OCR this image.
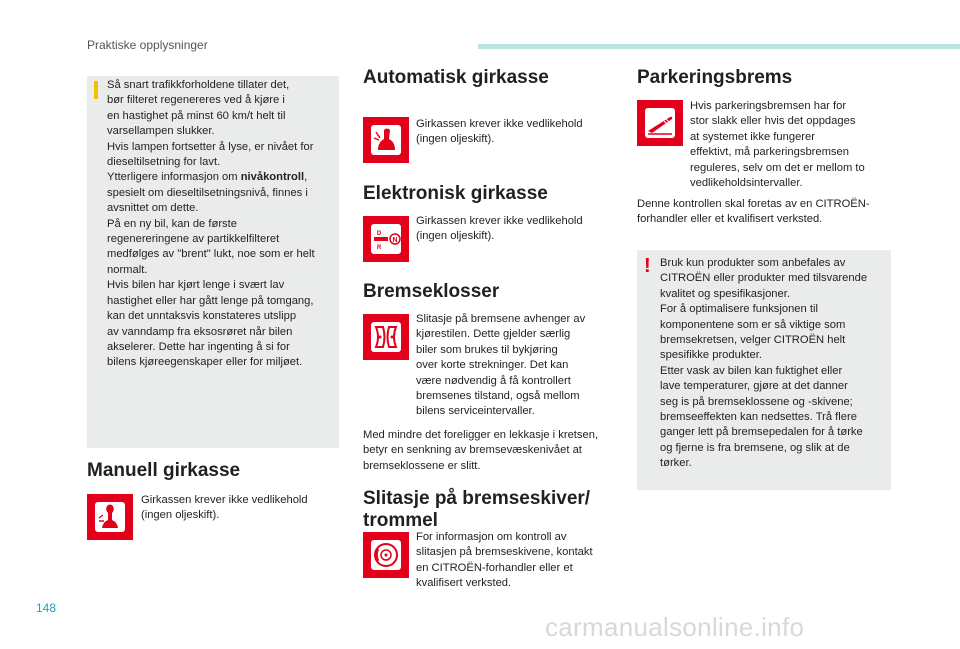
Praktiske opplysninger
Så snart trafikkforholdene tillater det,
bør filteret regenereres ved å kjøre i
en hastighet på minst 60 km/t helt til
varsellampen slukker.
Hvis lampen fortsetter å lyse, er nivået for
dieseltilsetning for lavt.
Ytterligere informasjon om nivåkontroll,
spesielt om dieseltilsetningsnivå, finnes i
avsnittet om dette.
På en ny bil, kan de første
regenereringene av partikkelfilteret
medfølges av "brent" lukt, noe som er helt
normalt.
Hvis bilen har kjørt lenge i svært lav
hastighet eller har gått lenge på tomgang,
kan det unntaksvis konstateres utslipp
av vanndamp fra eksosrøret når bilen
akselerer. Dette har ingenting å si for
bilens kjøreegenskaper eller for miljøet.
Manuell girkasse
Girkassen krever ikke vedlikehold
(ingen oljeskift).
Automatisk girkasse
Girkassen krever ikke vedlikehold
(ingen oljeskift).
Elektronisk girkasse
N
D
R
Girkassen krever ikke vedlikehold
(ingen oljeskift).
Bremseklosser
Slitasje på bremsene avhenger av
kjørestilen. Dette gjelder særlig
biler som brukes til bykjøring
over korte strekninger. Det kan
være nødvendig å få kontrollert
bremsenes tilstand, også mellom
bilens serviceintervaller.
Med mindre det foreligger en lekkasje i kretsen,
betyr en senkning av bremsevæskenivået at
bremseklossene er slitt.
Slitasje på bremseskiver/
trommel
For informasjon om kontroll av
slitasjen på bremseskivene, kontakt
en CITROËN-forhandler eller et
kvalifisert verksted.
Parkeringsbrems
Hvis parkeringsbremsen har for
stor slakk eller hvis det oppdages
at systemet ikke fungerer
effektivt, må parkeringsbremsen
reguleres, selv om det er mellom to
vedlikeholdsintervaller.
Denne kontrollen skal foretas av en CITROËN-
forhandler eller et kvalifisert verksted.
! Bruk kun produkter som anbefales av
CITROËN eller produkter med tilsvarende
kvalitet og spesifikasjoner.
For å optimalisere funksjonen til
komponentene som er så viktige som
bremsekretsen, velger CITROËN helt
spesifikke produkter.
Etter vask av bilen kan fuktighet eller
lave temperaturer, gjøre at det danner
seg is på bremseklossene og -skivene;
bremseeffekten kan nedsettes. Trå flere
ganger lett på bremsepedalen for å tørke
og fjerne is fra bremsene, og slik at de
tørker.
148
carmanualsonline.info
